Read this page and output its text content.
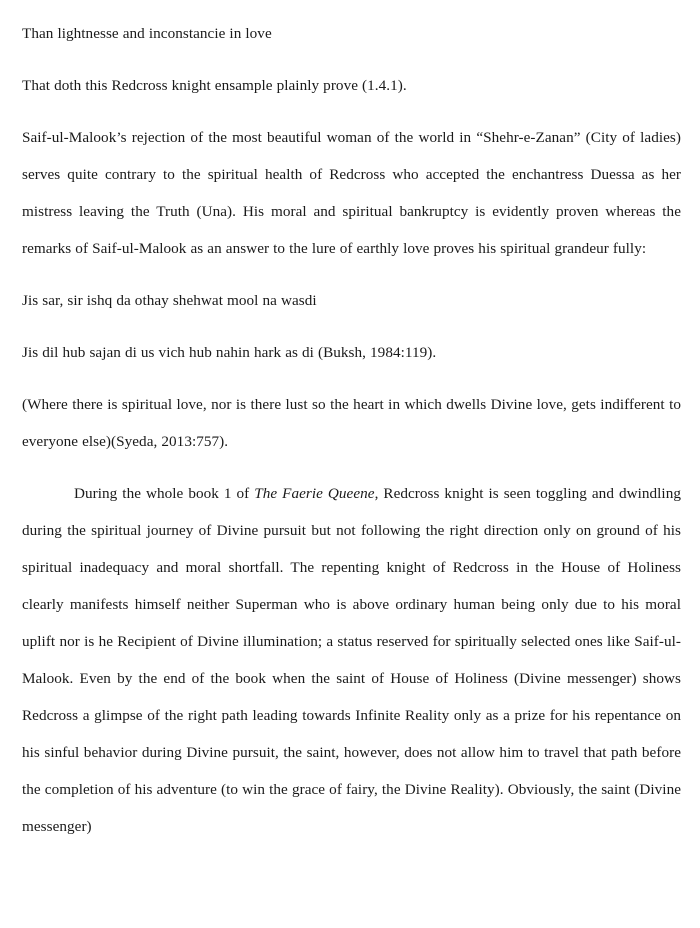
Than lightnesse and inconstancie in love

That doth this Redcross knight ensample plainly prove (1.4.1).

Saif-ul-Malook’s rejection of the most beautiful woman of the world in “Shehr-e-Zanan” (City of ladies) serves quite contrary to the spiritual health of Redcross who accepted the enchantress Duessa as her mistress leaving the Truth (Una). His moral and spiritual bankruptcy is evidently proven whereas the remarks of Saif-ul-Malook as an answer to the lure of earthly love proves his spiritual grandeur fully:

Jis sar, sir ishq da othay shehwat mool na wasdi

Jis dil hub sajan di us vich hub nahin hark as di (Buksh, 1984:119).

(Where there is spiritual love, nor is there lust so the heart in which dwells Divine love, gets indifferent to everyone else)(Syeda, 2013:757).

During the whole book 1 of The Faerie Queene, Redcross knight is seen toggling and dwindling during the spiritual journey of Divine pursuit but not following the right direction only on ground of his spiritual inadequacy and moral shortfall. The repenting knight of Redcross in the House of Holiness clearly manifests himself neither Superman who is above ordinary human being only due to his moral uplift nor is he Recipient of Divine illumination; a status reserved for spiritually selected ones like Saif-ul-Malook. Even by the end of the book when the saint of House of Holiness (Divine messenger) shows Redcross a glimpse of the right path leading towards Infinite Reality only as a prize for his repentance on his sinful behavior during Divine pursuit, the saint, however, does not allow him to travel that path before the completion of his adventure (to win the grace of fairy, the Divine Reality). Obviously, the saint (Divine messenger)
